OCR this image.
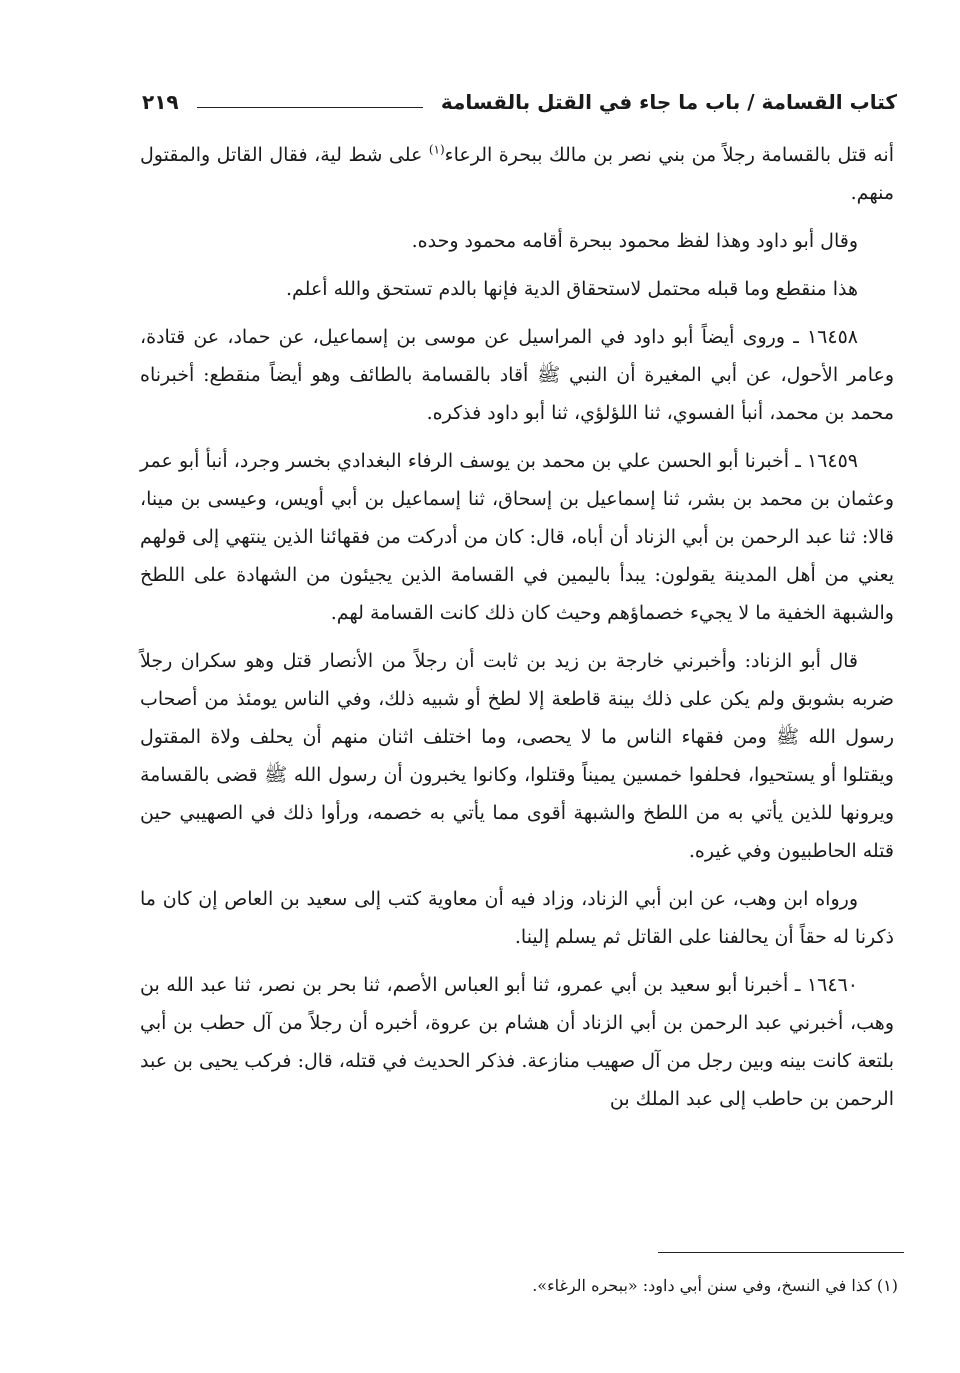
كتاب القسامة / باب ما جاء في القتل بالقسامة
٢١٩

أنه قتل بالقسامة رجلاً من بني نصر بن مالك ببحرة الرعاء$^{(١)}$ على شط لية، فقال القاتل والمقتول منهم.

وقال أبو داود وهذا لفظ محمود ببحرة أقامه محمود وحده.

هذا منقطع وما قبله محتمل لاستحقاق الدية فإنها بالدم تستحق والله أعلم.

١٦٤٥٨ ـ وروى أيضاً أبو داود في المراسيل عن موسى بن إسماعيل، عن حماد، عن قتادة، وعامر الأحول، عن أبي المغيرة أن النبي ﷺ أقاد بالقسامة بالطائف وهو أيضاً منقطع: أخبرناه محمد بن محمد، أنبأ الفسوي، ثنا اللؤلؤي، ثنا أبو داود فذكره.

١٦٤٥٩ ـ أخبرنا أبو الحسن علي بن محمد بن يوسف الرفاء البغدادي بخسر وجرد، أنبأ أبو عمر وعثمان بن محمد بن بشر، ثنا إسماعيل بن إسحاق، ثنا إسماعيل بن أبي أويس، وعيسى بن مينا، قالا: ثنا عبد الرحمن بن أبي الزناد أن أباه، قال: كان من أدركت من فقهائنا الذين ينتهي إلى قولهم يعني من أهل المدينة يقولون: يبدأ باليمين في القسامة الذين يجيئون من الشهادة على اللطخ والشبهة الخفية ما لا يجيء خصماؤهم وحيث كان ذلك كانت القسامة لهم.

قال أبو الزناد: وأخبرني خارجة بن زيد بن ثابت أن رجلاً من الأنصار قتل وهو سكران رجلاً ضربه بشوبق ولم يكن على ذلك بينة قاطعة إلا لطخ أو شبيه ذلك، وفي الناس يومئذ من أصحاب رسول الله ﷺ ومن فقهاء الناس ما لا يحصى، وما اختلف اثنان منهم أن يحلف ولاة المقتول ويقتلوا أو يستحيوا، فحلفوا خمسين يميناً وقتلوا، وكانوا يخبرون أن رسول الله ﷺ قضى بالقسامة ويرونها للذين يأتي به من اللطخ والشبهة أقوى مما يأتي به خصمه، ورأوا ذلك في الصهيبي حين قتله الحاطبيون وفي غيره.

ورواه ابن وهب، عن ابن أبي الزناد، وزاد فيه أن معاوية كتب إلى سعيد بن العاص إن كان ما ذكرنا له حقاً أن يحالفنا على القاتل ثم يسلم إلينا.

١٦٤٦٠ ـ أخبرنا أبو سعيد بن أبي عمرو، ثنا أبو العباس الأصم، ثنا بحر بن نصر، ثنا عبد الله بن وهب، أخبرني عبد الرحمن بن أبي الزناد أن هشام بن عروة، أخبره أن رجلاً من آل حطب بن أبي بلتعة كانت بينه وبين رجل من آل صهيب منازعة. فذكر الحديث في قتله، قال: فركب يحيى بن عبد الرحمن بن حاطب إلى عبد الملك بن

(١) كذا في النسخ، وفي سنن أبي داود: «ببحره الرغاء».
